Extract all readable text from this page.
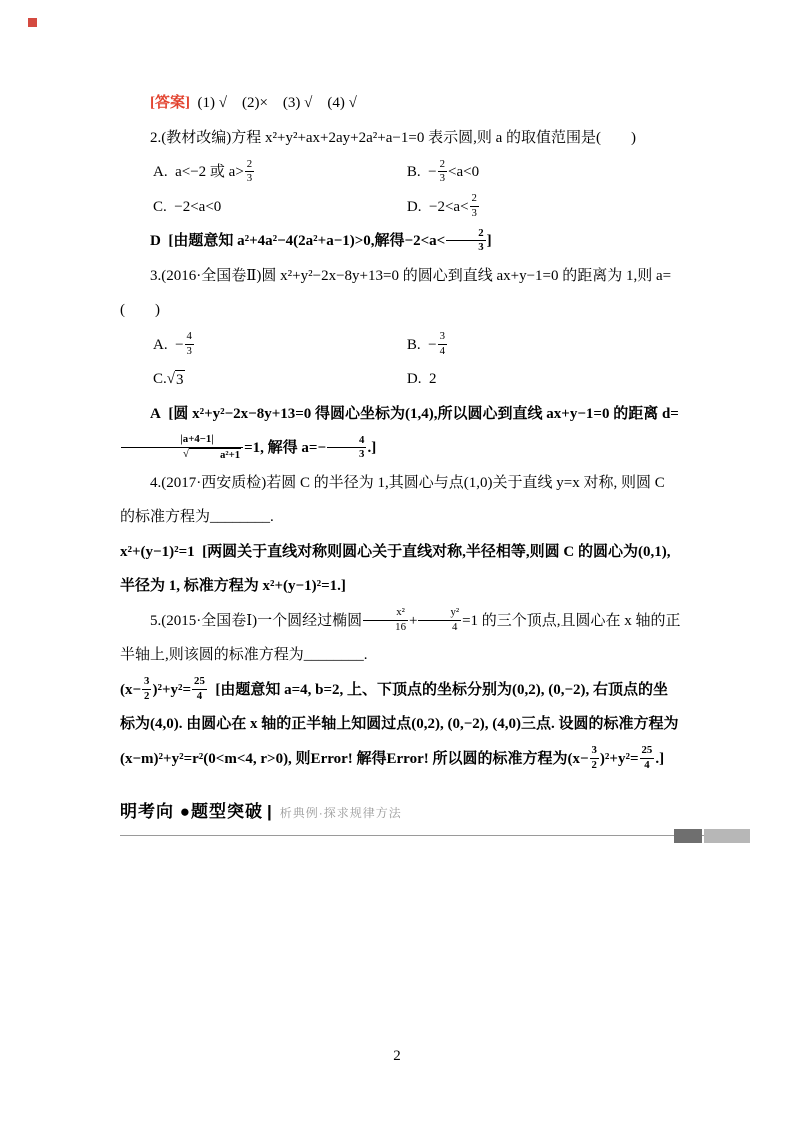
[答案] (1) √ (2)× (3) √ (4) √

2.(教材改编)方程 x²+y²+ax+2ay+2a²+a−1=0 表示圆,则 a 的取值范围是(　　)

A. a<−2 或 $a> \frac{2}{3}$	B. − $\frac{2}{3} <a<0$
C. −2<a<0	D. $-2<a< \frac{2}{3}$

D [由题意知 a²+4a²−4(2a²+a−1)>0,解得$-2<a< \frac{2}{3}$ ]

3.(2016·全国卷Ⅱ)圆 x²+y²−2x−8y+13=0 的圆心到直线 ax+y−1=0 的距离为 1,则 a=(　　)

A. − $\frac{4}{3}$	B. − $\frac{3}{4}$
C. √ 3	D. 2

A [圆 x²+y²−2x−8y+13=0 得圆心坐标为(1,4),所以圆心到直线 ax+y−1=0 的距离 d=
|a+4−1|
√	a²+1 =1, 解得 $a=- \frac{4}{3}$ .]

4.(2017·西安质检)若圆 C 的半径为 1,其圆心与点(1,0)关于直线 y=x 对称, 则圆 C 的标准方程为________.

x²+(y−1)²=1 [两圆关于直线对称则圆心关于直线对称,半径相等,则圆 C 的圆心为(0,1), 半径为 1, 标准方程为 x²+(y−1)²=1.]

5.(2015·全国卷Ⅰ)一个圆经过椭圆 $\frac{\text{x²}}{16} + \frac{\text{y²}}{4} =1$ 的三个顶点,且圆心在 x 轴的正半轴上,则该圆的标准方程为________.

$(x- \frac{3}{2} )^2+y^2= \frac{25}{4}$  [由题意知 a=4, b=2, 上、下顶点的坐标分别为(0,2), (0,−2), 右顶点的坐标为(4,0). 由圆心在 x 轴的正半轴上知圆过点(0,2), (0,−2), (4,0)三点. 设圆的标准方程为(x−m)²+y²=r²(0<m<4, r>0), 则Error! 解得Error! 所以圆的标准方程为$(x- \frac{3}{2} )^2+y^2= \frac{25}{4}$ .]

明考向 ●题型突破 | 析典例·探求规律方法
2
